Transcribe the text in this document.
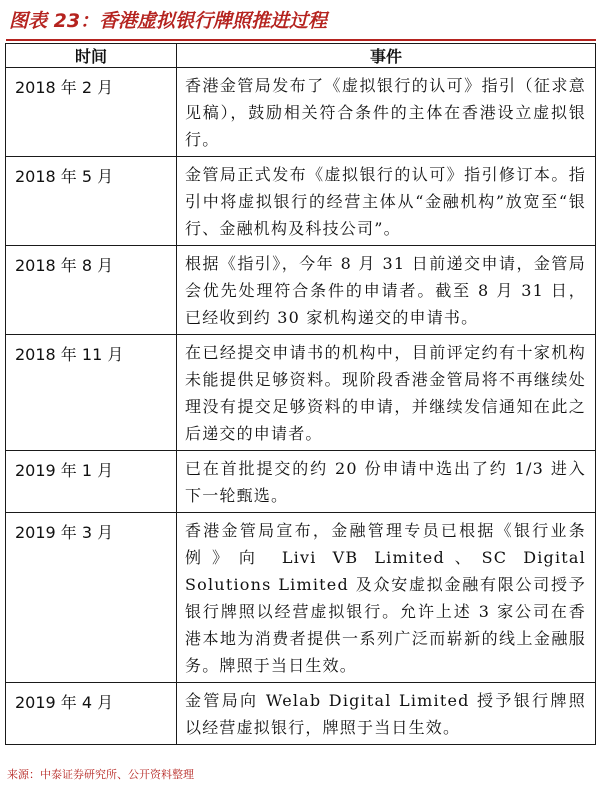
图表 23：香港虚拟银行牌照推进过程
时间	事件
2018 年 2 月	香港金管局发布了《虚拟银行的认可》指引（征求意见稿），鼓励相关符合条件的主体在香港设立虚拟银行。
2018 年 5 月	金管局正式发布《虚拟银行的认可》指引修订本。指引中将虚拟银行的经营主体从“金融机构”放宽至“银行、金融机构及科技公司”。
2018 年 8 月	根据《指引》，今年 8 月 31 日前递交申请，金管局会优先处理符合条件的申请者。截至 8 月 31 日，已经收到约 30 家机构递交的申请书。
2018 年 11 月	在已经提交申请书的机构中，目前评定约有十家机构未能提供足够资料。现阶段香港金管局将不再继续处理没有提交足够资料的申请，并继续发信通知在此之后递交的申请者。
2019 年 1 月	已在首批提交的约 20 份申请中选出了约 1/3 进入下一轮甄选。
2019 年 3 月	香港金管局宣布，金融管理专员已根据《银行业条例》向 Livi VB Limited、SC Digital Solutions Limited 及众安虚拟金融有限公司授予银行牌照以经营虚拟银行。允许上述 3 家公司在香港本地为消费者提供一系列广泛而崭新的线上金融服务。牌照于当日生效。
2019 年 4 月	金管局向 Welab Digital Limited 授予银行牌照以经营虚拟银行，牌照于当日生效。
来源：中泰证券研究所、公开资料整理
